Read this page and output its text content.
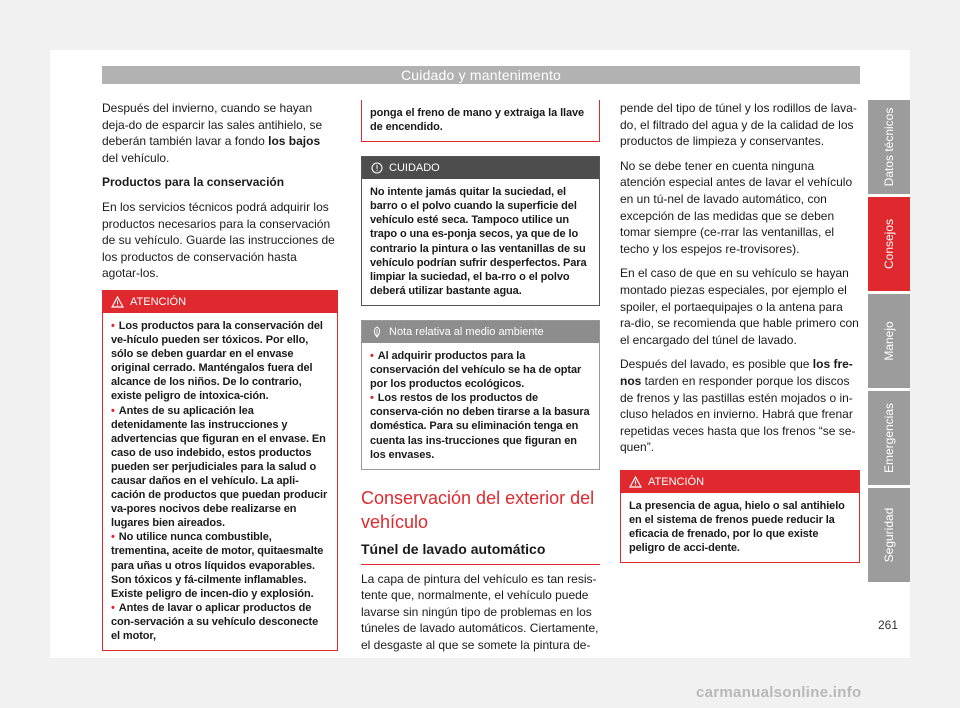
Cuidado y mantenimento

Después del invierno, cuando se hayan deja-do de esparcir las sales antihielo, se deberán también lavar a fondo los bajos del vehículo.

Productos para la conservación

En los servicios técnicos podrá adquirir los productos necesarios para la conservación de su vehículo. Guarde las instrucciones de los productos de conservación hasta agotar-los.

ATENCIÓN

• Los productos para la conservación del ve-hículo pueden ser tóxicos. Por ello, sólo se deben guardar en el envase original cerrado. Manténgalos fuera del alcance de los niños. De lo contrario, existe peligro de intoxica-ción.

• Antes de su aplicación lea detenidamente las instrucciones y advertencias que figuran en el envase. En caso de uso indebido, estos productos pueden ser perjudiciales para la salud o causar daños en el vehículo. La apli-cación de productos que puedan producir va-pores nocivos debe realizarse en lugares bien aireados.

• No utilice nunca combustible, trementina, aceite de motor, quitaesmalte para uñas u otros líquidos evaporables. Son tóxicos y fá-cilmente inflamables. Existe peligro de incen-dio y explosión.

• Antes de lavar o aplicar productos de con-servación a su vehículo desconecte el motor,

ponga el freno de mano y extraiga la llave de encendido.
CUIDADO
No intente jamás quitar la suciedad, el barro o el polvo cuando la superficie del vehículo esté seca. Tampoco utilice un trapo o una es-ponja secos, ya que de lo contrario la pintura o las ventanillas de su vehículo podrían sufrir desperfectos. Para limpiar la suciedad, el ba-rro o el polvo deberá utilizar bastante agua.
Nota relativa al medio ambiente

• Al adquirir productos para la conservación del vehículo se ha de optar por los productos ecológicos.

• Los restos de los productos de conserva-ción no deben tirarse a la basura doméstica. Para su eliminación tenga en cuenta las ins-trucciones que figuran en los envases.

Conservación del exterior del vehículo
Túnel de lavado automático

La capa de pintura del vehículo es tan resis-tente que, normalmente, el vehículo puede lavarse sin ningún tipo de problemas en los túneles de lavado automáticos. Ciertamente, el desgaste al que se somete la pintura de-

pende del tipo de túnel y los rodillos de lava-do, el filtrado del agua y de la calidad de los productos de limpieza y conservantes.

No se debe tener en cuenta ninguna atención especial antes de lavar el vehículo en un tú-nel de lavado automático, con excepción de las medidas que se deben tomar siempre (ce-rrar las ventanillas, el techo y los espejos re-trovisores).

En el caso de que en su vehículo se hayan montado piezas especiales, por ejemplo el spoiler, el portaequipajes o la antena para ra-dio, se recomienda que hable primero con el encargado del túnel de lavado.

Después del lavado, es posible que los fre-nos tarden en responder porque los discos de frenos y las pastillas estén mojados o in-cluso helados en invierno. Habrá que frenar repetidas veces hasta que los frenos “se se-quen”.

ATENCIÓN
La presencia de agua, hielo o sal antihielo en el sistema de frenos puede reducir la eficacia de frenado, por lo que existe peligro de acci-dente.
Datos técnicos
Consejos
Manejo
Emergencias
Seguridad
261
carmanualsonline.info
